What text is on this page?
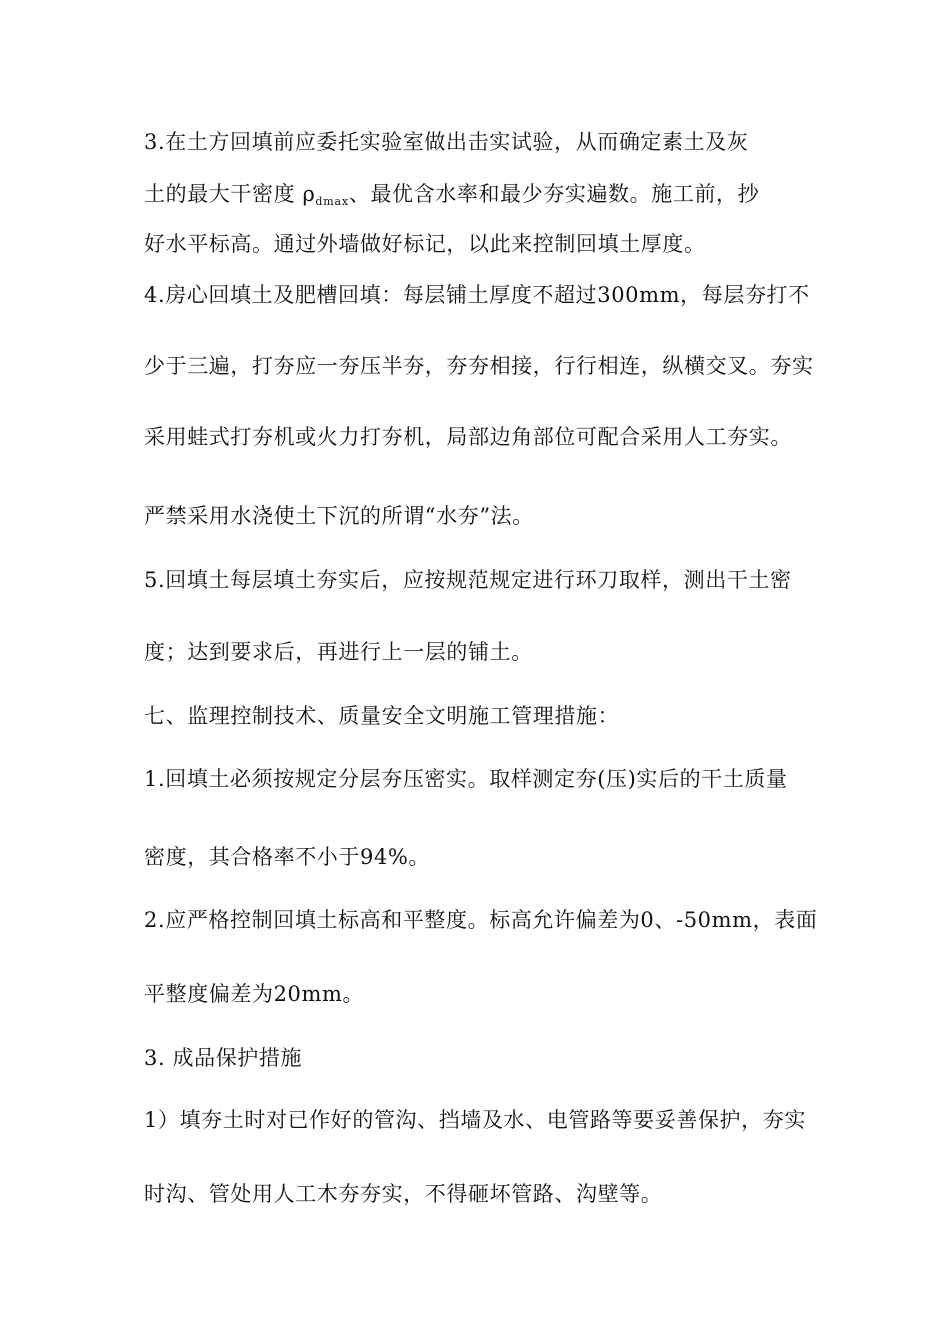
3.在土方回填前应委托实验室做出击实试验，从而确定素土及灰
土的最大干密度 $\rho_{dmax}$、最优含水率和最少夯实遍数。施工前，抄
好水平标高。通过外墙做好标记，以此来控制回填土厚度。
4.房心回填土及肥槽回填：每层铺土厚度不超过300mm，每层夯打不
少于三遍，打夯应一夯压半夯，夯夯相接，行行相连，纵横交叉。夯实
采用蛙式打夯机或火力打夯机，局部边角部位可配合采用人工夯实。
严禁采用水浇使土下沉的所谓“水夯”法。
5.回填土每层填土夯实后，应按规范规定进行环刀取样，测出干土密
度；达到要求后，再进行上一层的铺土。
七、监理控制技术、质量安全文明施工管理措施：
1.回填土必须按规定分层夯压密实。取样测定夯(压)实后的干土质量
密度，其合格率不小于94%。
2.应严格控制回填土标高和平整度。标高允许偏差为0、-50mm，表面
平整度偏差为20mm。
3. 成品保护措施
1）填夯土时对已作好的管沟、挡墙及水、电管路等要妥善保护，夯实
时沟、管处用人工木夯夯实，不得砸坏管路、沟壁等。
